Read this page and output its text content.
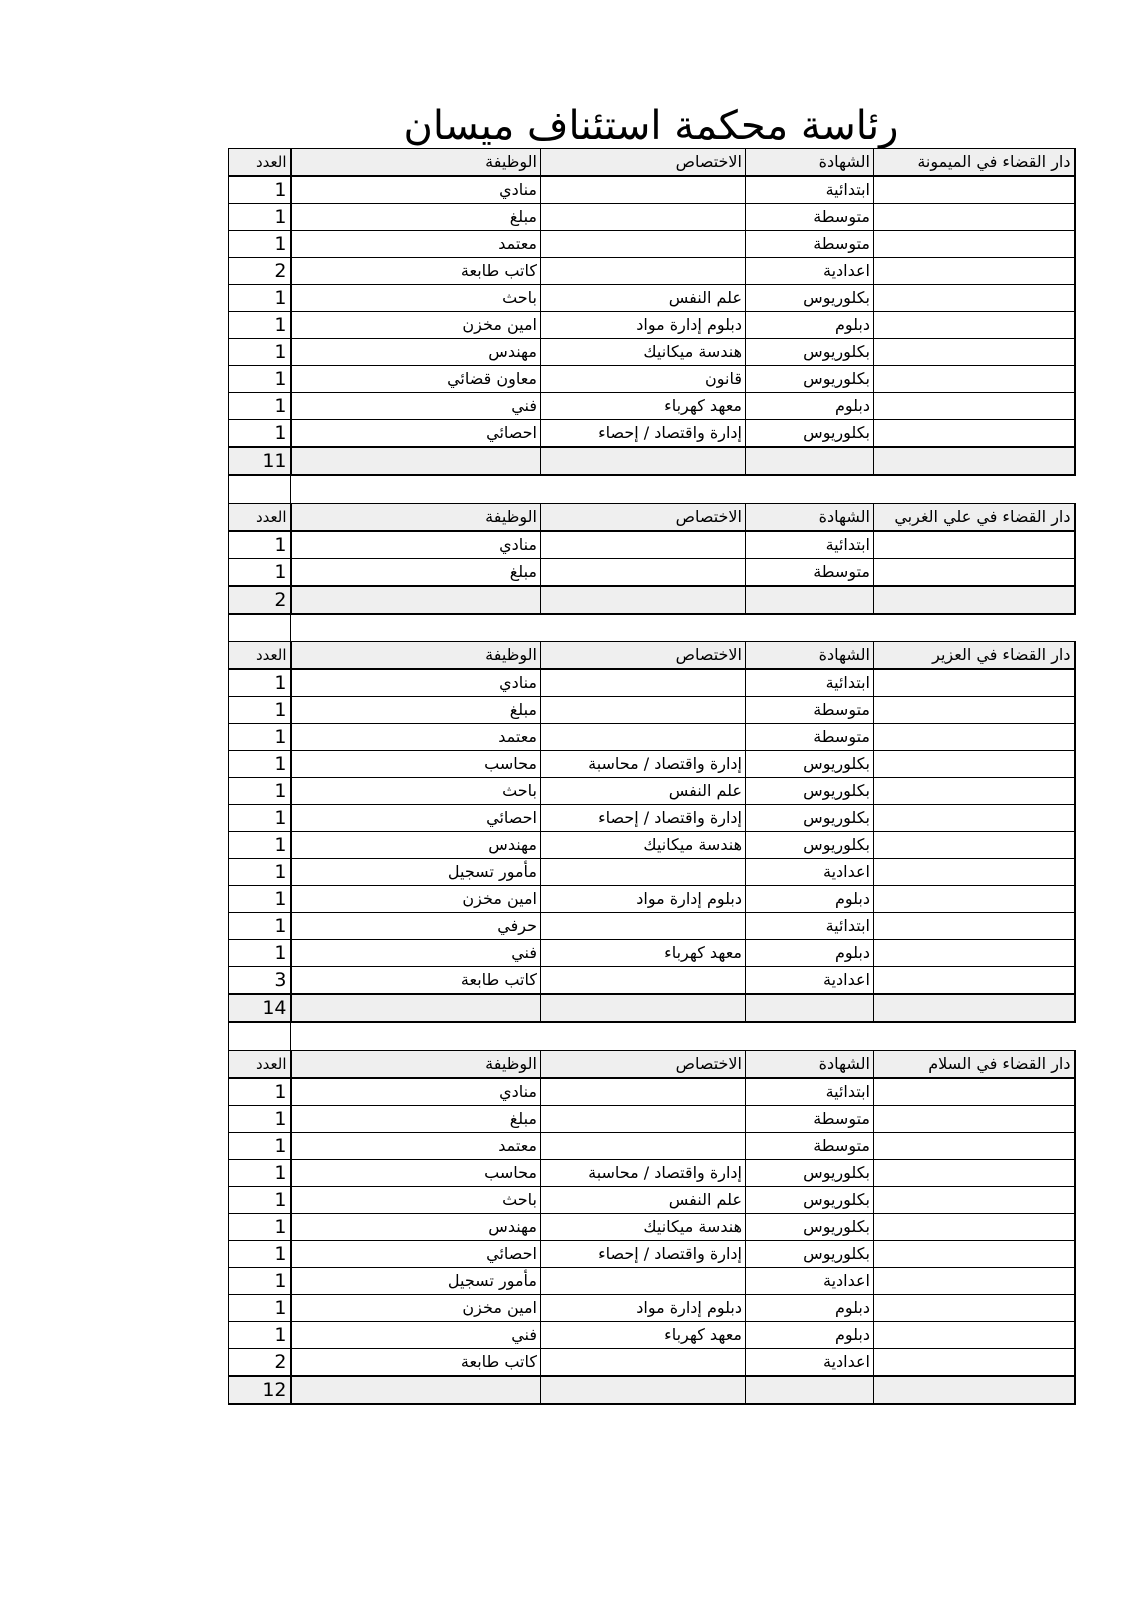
رئاسة محكمة استئناف ميسان
العدد	الوظيفة	الاختصاص	الشهادة	دار القضاء في الميمونة
1	منادي		ابتدائية	
1	مبلغ		متوسطة	
1	معتمد		متوسطة	
2	كاتب طابعة		اعدادية	
1	باحث	علم النفس	بكلوريوس	
1	امين مخزن	دبلوم إدارة مواد	دبلوم	
1	مهندس	هندسة ميكانيك	بكلوريوس	
1	معاون قضائي	قانون	بكلوريوس	
1	فني	معهد كهرباء	دبلوم	
1	احصائي	إدارة واقتصاد / إحصاء	بكلوريوس	
11				

العدد	الوظيفة	الاختصاص	الشهادة	دار القضاء في علي الغربي
1	منادي		ابتدائية	
1	مبلغ		متوسطة	
2				

العدد	الوظيفة	الاختصاص	الشهادة	دار القضاء في العزير
1	منادي		ابتدائية	
1	مبلغ		متوسطة	
1	معتمد		متوسطة	
1	محاسب	إدارة واقتصاد / محاسبة	بكلوريوس	
1	باحث	علم النفس	بكلوريوس	
1	احصائي	إدارة واقتصاد / إحصاء	بكلوريوس	
1	مهندس	هندسة ميكانيك	بكلوريوس	
1	مأمور تسجيل		اعدادية	
1	امين مخزن	دبلوم إدارة مواد	دبلوم	
1	حرفي		ابتدائية	
1	فني	معهد كهرباء	دبلوم	
3	كاتب طابعة		اعدادية	
14				

العدد	الوظيفة	الاختصاص	الشهادة	دار القضاء في السلام
1	منادي		ابتدائية	
1	مبلغ		متوسطة	
1	معتمد		متوسطة	
1	محاسب	إدارة واقتصاد / محاسبة	بكلوريوس	
1	باحث	علم النفس	بكلوريوس	
1	مهندس	هندسة ميكانيك	بكلوريوس	
1	احصائي	إدارة واقتصاد / إحصاء	بكلوريوس	
1	مأمور تسجيل		اعدادية	
1	امين مخزن	دبلوم إدارة مواد	دبلوم	
1	فني	معهد كهرباء	دبلوم	
2	كاتب طابعة		اعدادية	
12				
